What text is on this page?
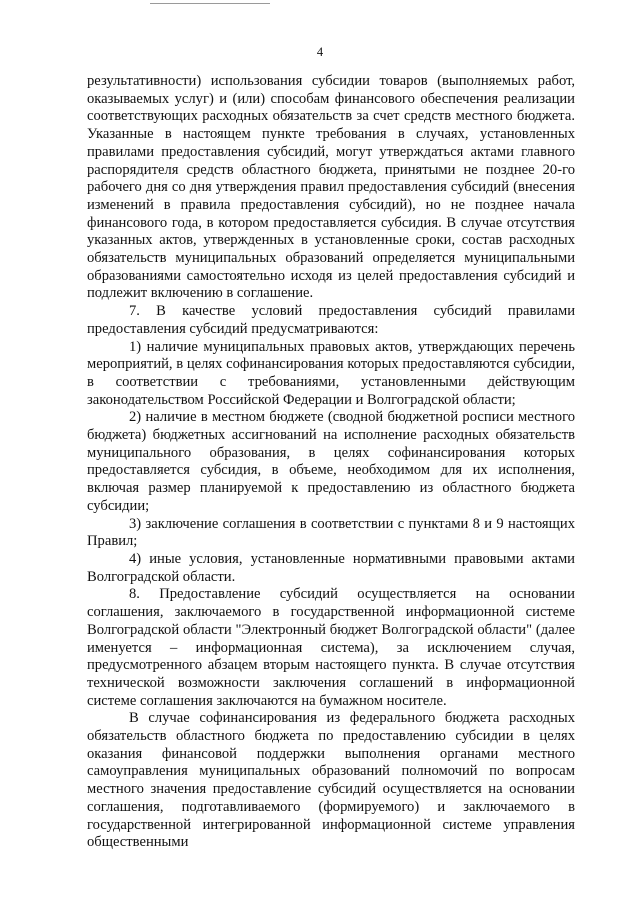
4

результативности) использования субсидии товаров (выполняемых работ, оказываемых услуг) и (или) способам финансового обеспечения реализации соответствующих расходных обязательств за счет средств местного бюджета. Указанные в настоящем пункте требования в случаях, установленных правилами предоставления субсидий, могут утверждаться актами главного распорядителя средств областного бюджета, принятыми не позднее 20-го рабочего дня со дня утверждения правил предоставления субсидий (внесения изменений в правила предоставления субсидий), но не позднее начала финансового года, в котором предоставляется субсидия. В случае отсутствия указанных актов, утвержденных в установленные сроки, состав расходных обязательств муниципальных образований определяется муниципальными образованиями самостоятельно исходя из целей предоставления субсидий и подлежит включению в соглашение.

7. В качестве условий предоставления субсидий правилами предоставления субсидий предусматриваются:

1) наличие муниципальных правовых актов, утверждающих перечень мероприятий, в целях софинансирования которых предоставляются субсидии, в соответствии с требованиями, установленными действующим законодательством Российской Федерации и Волгоградской области;

2) наличие в местном бюджете (сводной бюджетной росписи местного бюджета) бюджетных ассигнований на исполнение расходных обязательств муниципального образования, в целях софинансирования которых предоставляется субсидия, в объеме, необходимом для их исполнения, включая размер планируемой к предоставлению из областного бюджета субсидии;

3) заключение соглашения в соответствии с пунктами 8 и 9 настоящих Правил;

4) иные условия, установленные нормативными правовыми актами Волгоградской области.

8. Предоставление субсидий осуществляется на основании соглашения, заключаемого в государственной информационной системе Волгоградской области "Электронный бюджет Волгоградской области" (далее именуется – информационная система), за исключением случая, предусмотренного абзацем вторым настоящего пункта. В случае отсутствия технической возможности заключения соглашений в информационной системе соглашения заключаются на бумажном носителе.

В случае софинансирования из федерального бюджета расходных обязательств областного бюджета по предоставлению субсидии в целях оказания финансовой поддержки выполнения органами местного самоуправления муниципальных образований полномочий по вопросам местного значения предоставление субсидий осуществляется на основании соглашения, подготавливаемого (формируемого) и заключаемого в государственной интегрированной информационной системе управления общественными
